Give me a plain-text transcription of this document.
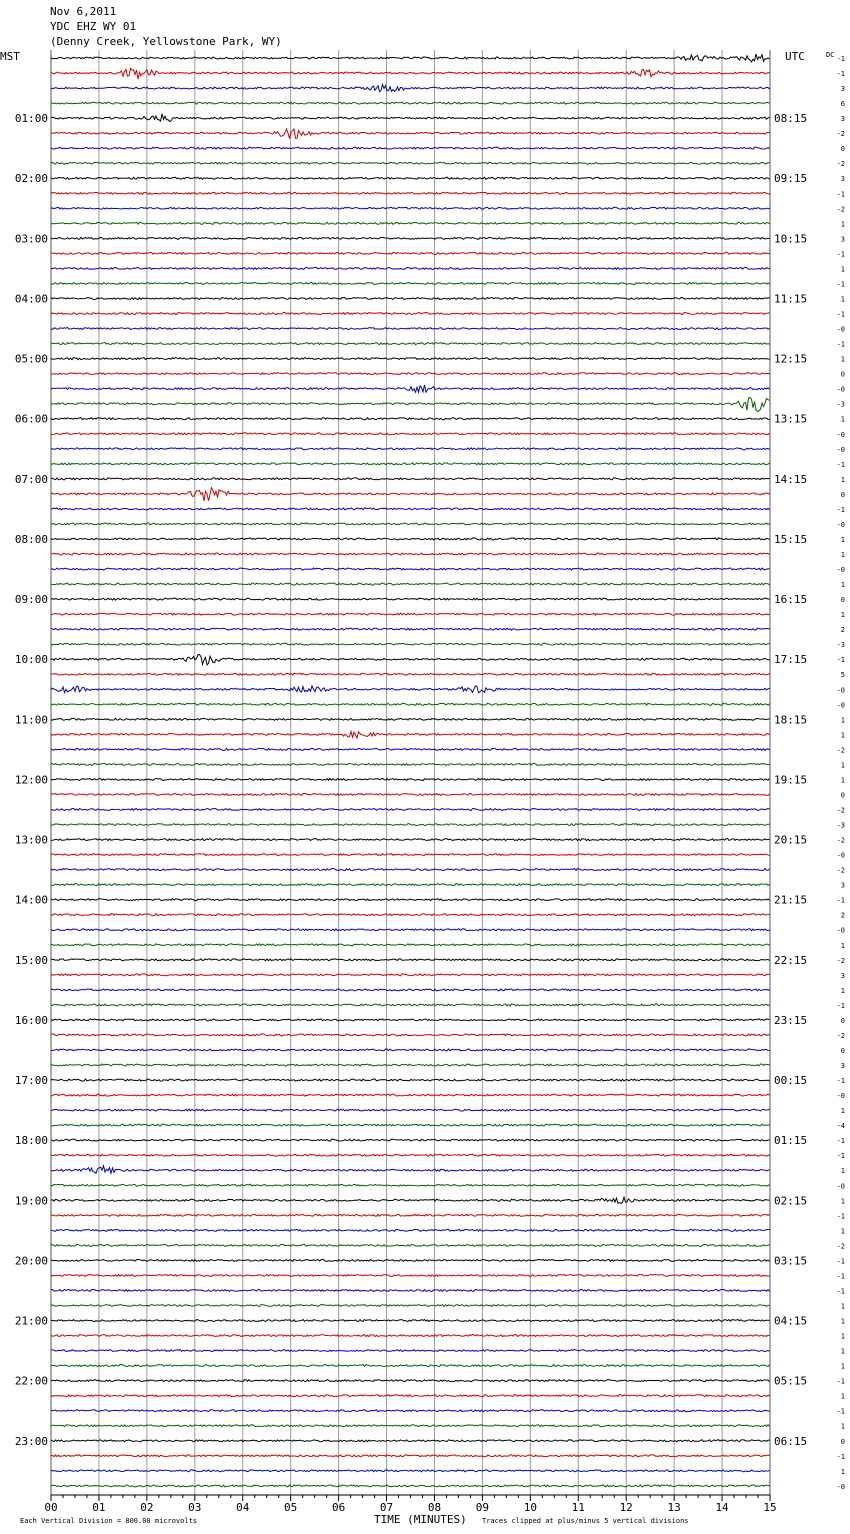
Nov 6,2011
YDC EHZ WY 01
(Denny Creek, Yellowstone Park, WY)
00	01	02	03	04	05	06	07	08	09	10	11	12	13	14	15
-1
-1
3
6
3
-2
0
-2
3
-1
-2
1
3
-1
1
-1
1
-1
-0
-1
1
0
-0
-3
1
-0
-0
-1
1
0
-1
-0
1
1
-0
1
0
1
2
-3
-1
5
-0
-0
1
1
-2
1
1
0
-2
-3
-2
-0
-2
3
-1
2
-0
1
-2
3
1
-1
0
-2
0
3
-1
-0
1
-4
-1
-1
1
-0
1
-1
1
-2
-1
-1
-1
1
1
1
1
1
-1
1
-1
1
0
-1
1
-0
01:00
02:00
03:00
04:00
05:00
06:00
07:00
08:00
09:00
10:00
11:00
12:00
13:00
14:00
15:00
16:00
17:00
18:00
19:00
20:00
21:00
22:00
23:00
08:15
09:15
10:15
11:15
12:15
13:15
14:15
15:15
16:15
17:15
18:15
19:15
20:15
21:15
22:15
23:15
00:15
01:15
02:15
03:15
04:15
05:15
06:15
MST	UTC	DC
TIME (MINUTES)
Each Vertical Division = 800.00 microvolts	Traces clipped at plus/minus 5 vertical divisions
